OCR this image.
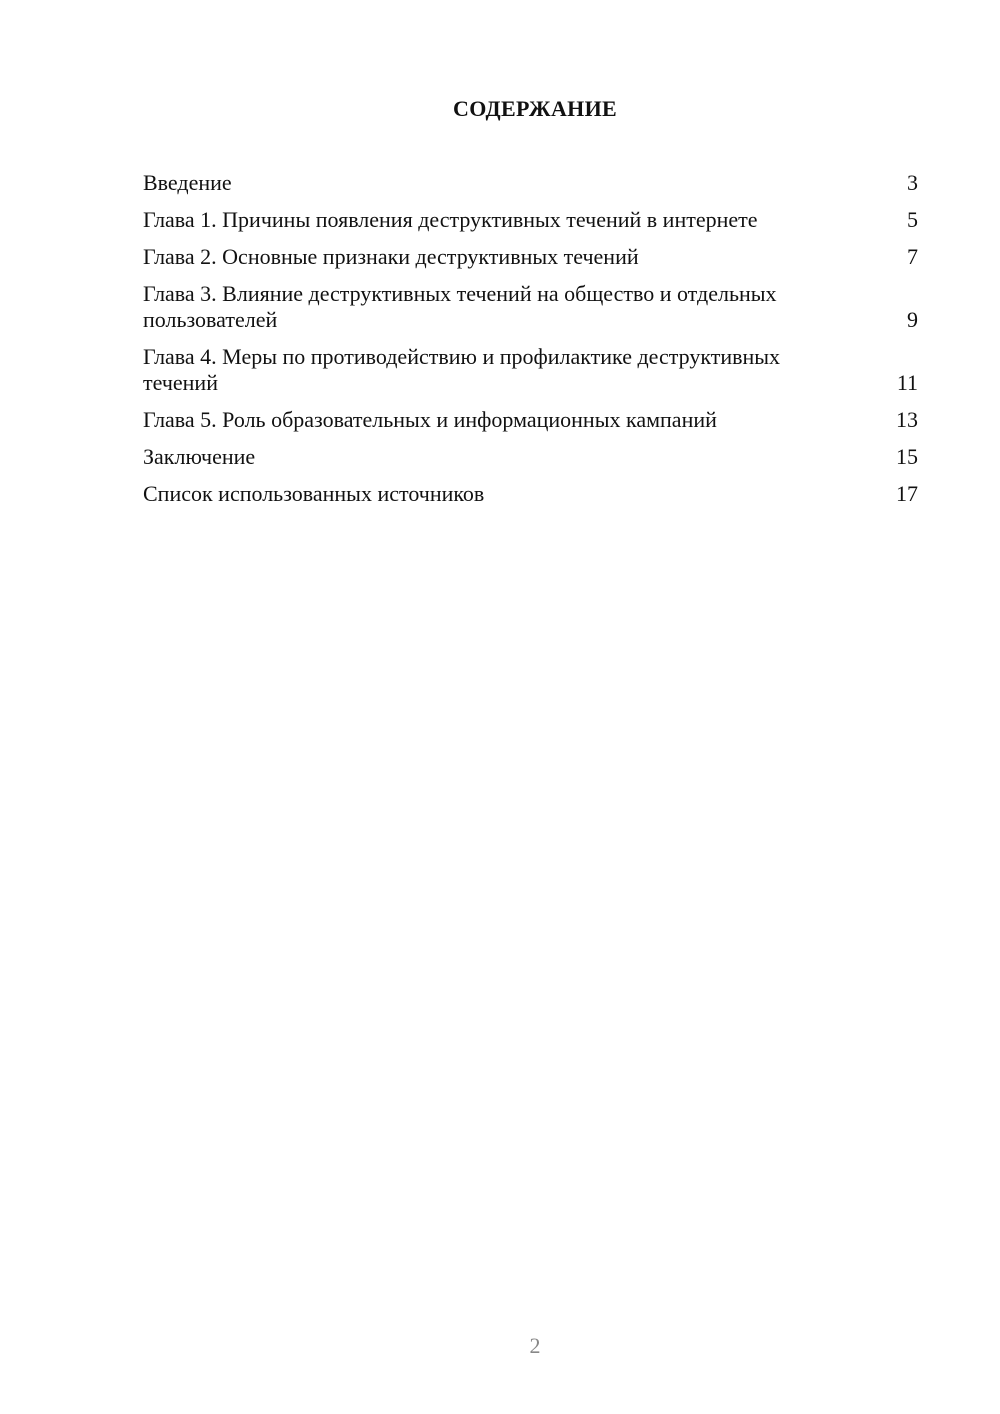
СОДЕРЖАНИЕ
Введение	3
Глава 1. Причины появления деструктивных течений в интернете	5
Глава 2. Основные признаки деструктивных течений	7
Глава 3. Влияние деструктивных течений на общество и отдельных пользователей	9
Глава 4. Меры по противодействию и профилактике деструктивных течений	11
Глава 5. Роль образовательных и информационных кампаний	13
Заключение	15
Список использованных источников	17
2
